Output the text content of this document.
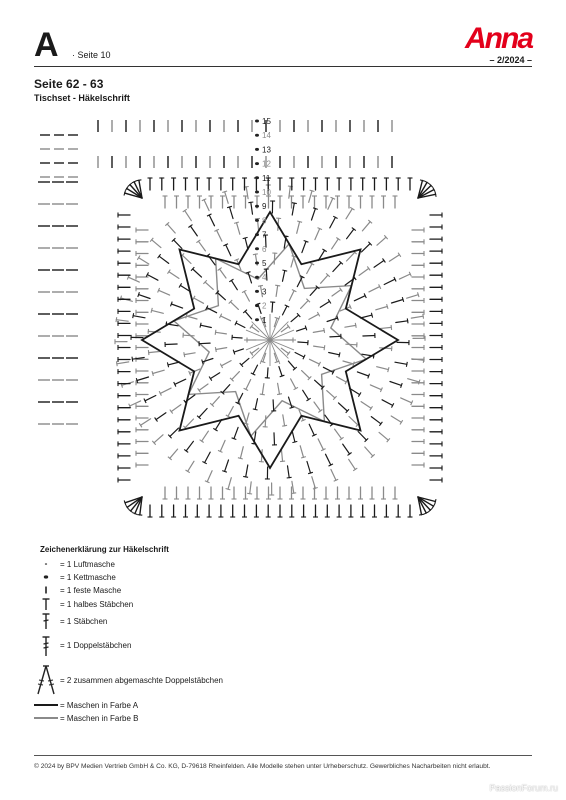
A · Seite 10	Anna
– 2/2024 –
Seite 62 - 63
Tischset - Häkelschrift
15
14
13
12
11
10
9
8
7
6
5
4
3
2
1
Zeichenerklärung zur Häkelschrift
= 1 Luftmasche
= 1 Kettmasche
= 1 feste Masche
= 1 halbes Stäbchen
= 1 Stäbchen
= 1 Doppelstäbchen
= 2 zusammen abgemaschte Doppelstäbchen
= Maschen in Farbe A
= Maschen in Farbe B
© 2024 by BPV Medien Vertrieb GmbH & Co. KG, D-79618 Rheinfelden. Alle Modelle stehen unter Urheberschutz. Gewerbliches Nacharbeiten nicht erlaubt.
PassionForum.ru
